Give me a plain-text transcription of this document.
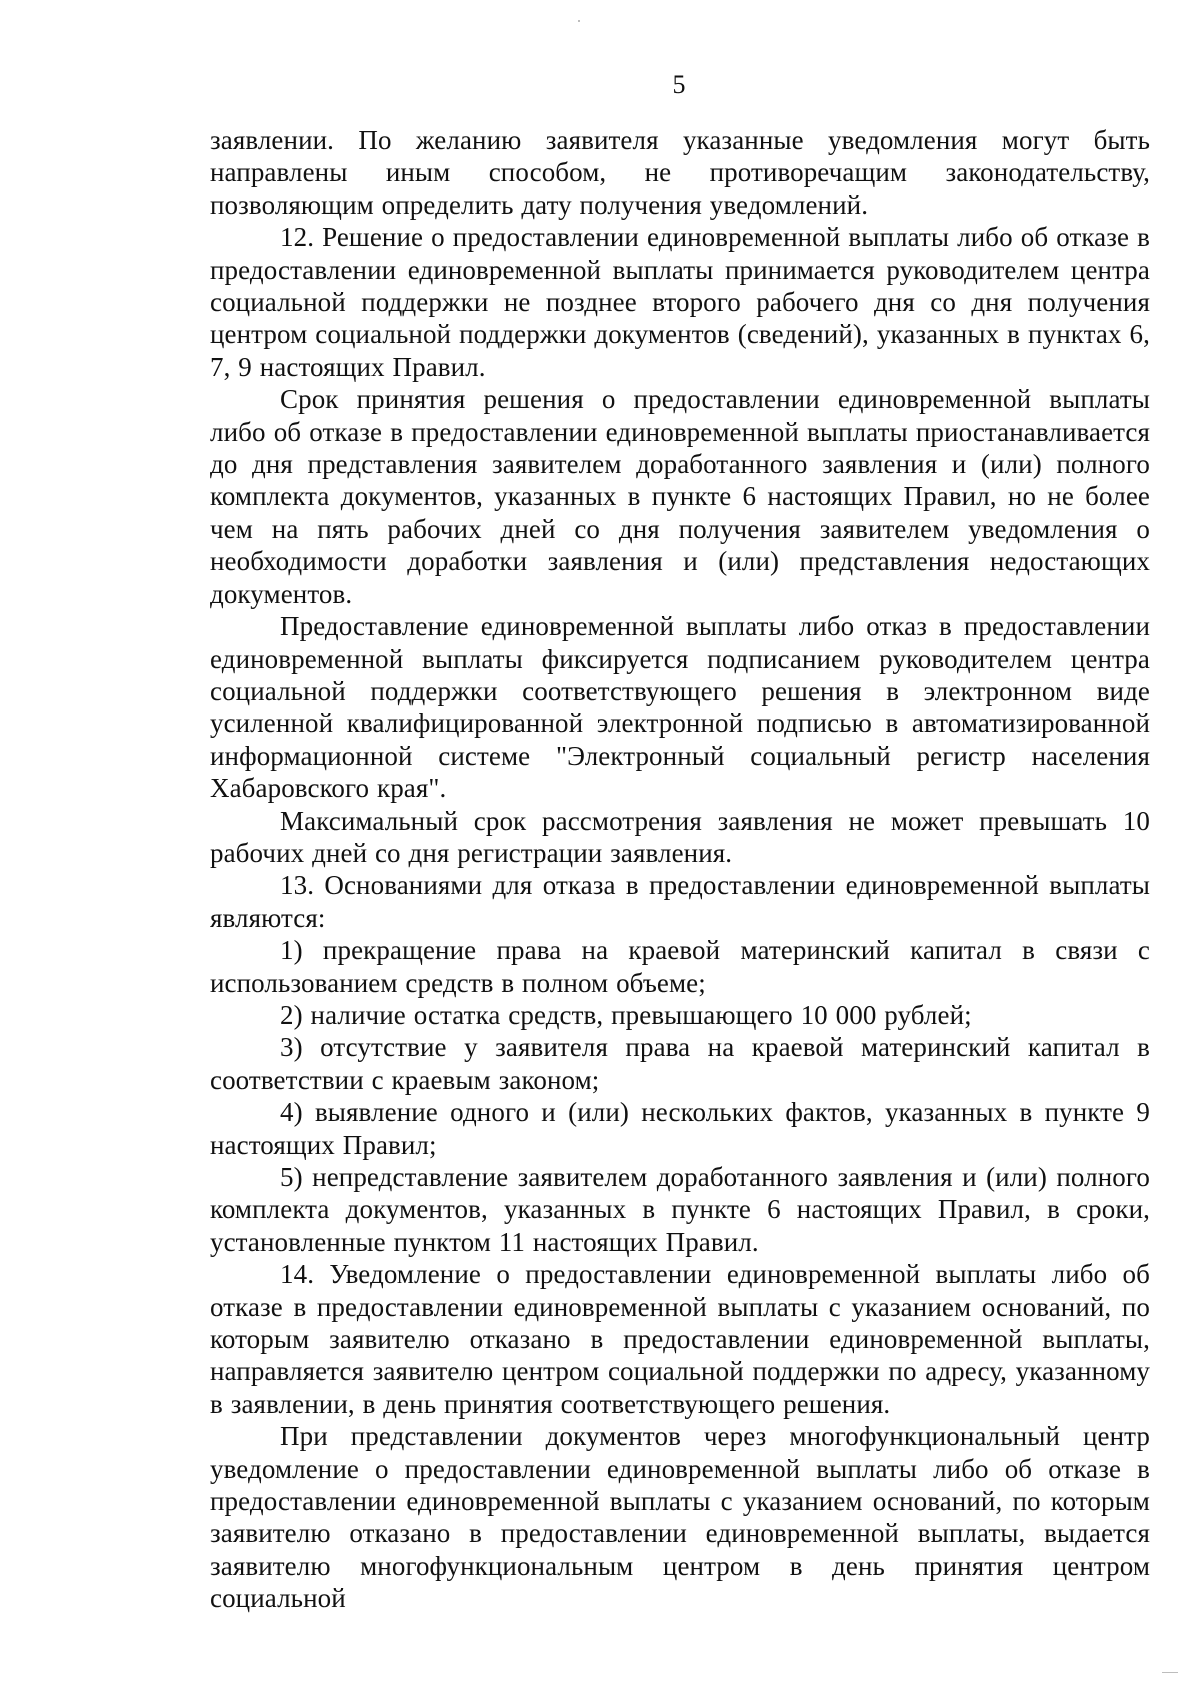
5

заявлении. По желанию заявителя указанные уведомления могут быть направлены иным способом, не противоречащим законодательству, позволяющим определить дату получения уведомлений.

12. Решение о предоставлении единовременной выплаты либо об отказе в предоставлении единовременной выплаты принимается руководителем центра социальной поддержки не позднее второго рабочего дня со дня получения центром социальной поддержки документов (сведений), указанных в пунктах 6, 7, 9 настоящих Правил.

Срок принятия решения о предоставлении единовременной выплаты либо об отказе в предоставлении единовременной выплаты приостанавливается до дня представления заявителем доработанного заявления и (или) полного комплекта документов, указанных в пункте 6 настоящих Правил, но не более чем на пять рабочих дней со дня получения заявителем уведомления о необходимости доработки заявления и (или) представления недостающих документов.

Предоставление единовременной выплаты либо отказ в предоставлении единовременной выплаты фиксируется подписанием руководителем центра социальной поддержки соответствующего решения в электронном виде усиленной квалифицированной электронной подписью в автоматизированной информационной системе "Электронный социальный регистр населения Хабаровского края".

Максимальный срок рассмотрения заявления не может превышать 10 рабочих дней со дня регистрации заявления.

13. Основаниями для отказа в предоставлении единовременной выплаты являются:

1) прекращение права на краевой материнский капитал в связи с использованием средств в полном объеме;

2) наличие остатка средств, превышающего 10 000 рублей;

3) отсутствие у заявителя права на краевой материнский капитал в соответствии с краевым законом;

4) выявление одного и (или) нескольких фактов, указанных в пункте 9 настоящих Правил;

5) непредставление заявителем доработанного заявления и (или) полного комплекта документов, указанных в пункте 6 настоящих Правил, в сроки, установленные пунктом 11 настоящих Правил.

14. Уведомление о предоставлении единовременной выплаты либо об отказе в предоставлении единовременной выплаты с указанием оснований, по которым заявителю отказано в предоставлении единовременной выплаты, направляется заявителю центром социальной поддержки по адресу, указанному в заявлении, в день принятия соответствующего решения.

При представлении документов через многофункциональный центр уведомление о предоставлении единовременной выплаты либо об отказе в предоставлении единовременной выплаты с указанием оснований, по которым заявителю отказано в предоставлении единовременной выплаты, выдается заявителю многофункциональным центром в день принятия центром социальной
